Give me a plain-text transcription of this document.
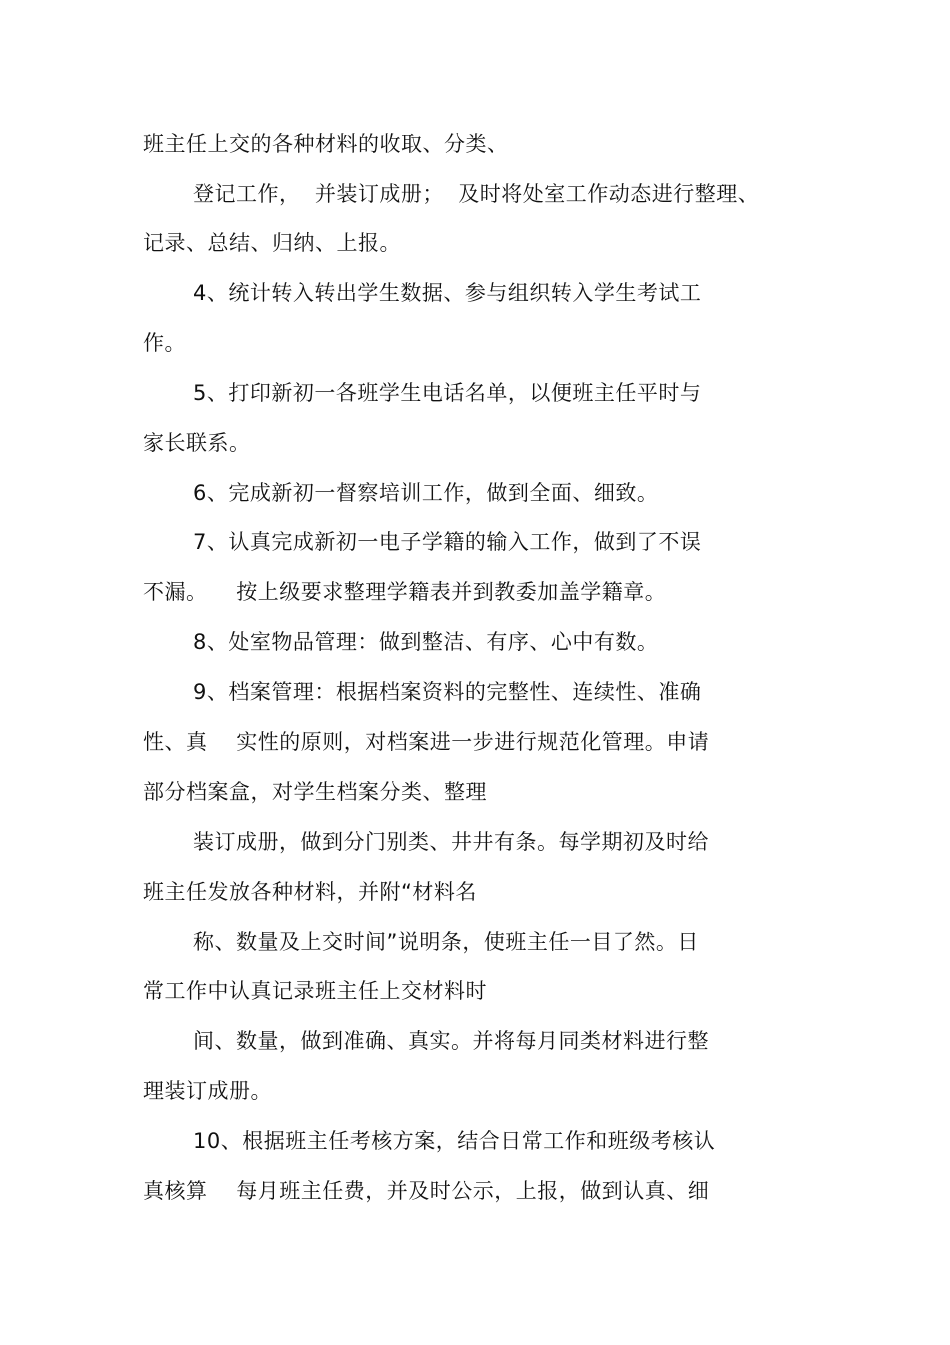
班主任上交的各种材料的收取、分类、
登记工作，  并装订成册；  及时将处室工作动态进行整理、
记录、总结、归纳、上报。
4、统计转入转出学生数据、参与组织转入学生考试工
作。
5、打印新初一各班学生电话名单，以便班主任平时与
家长联系。
6、完成新初一督察培训工作，做到全面、细致。
7、认真完成新初一电子学籍的输入工作，做到了不误
不漏。    按上级要求整理学籍表并到教委加盖学籍章。
8、处室物品管理：做到整洁、有序、心中有数。
9、档案管理：根据档案资料的完整性、连续性、准确
性、真    实性的原则，对档案进一步进行规范化管理。申请
部分档案盒，对学生档案分类、整理
装订成册，做到分门别类、井井有条。每学期初及时给
班主任发放各种材料，并附“材料名
称、数量及上交时间”说明条，使班主任一目了然。日
常工作中认真记录班主任上交材料时
间、数量，做到准确、真实。并将每月同类材料进行整
理装订成册。
10、根据班主任考核方案，结合日常工作和班级考核认
真核算    每月班主任费，并及时公示，上报，做到认真、细
